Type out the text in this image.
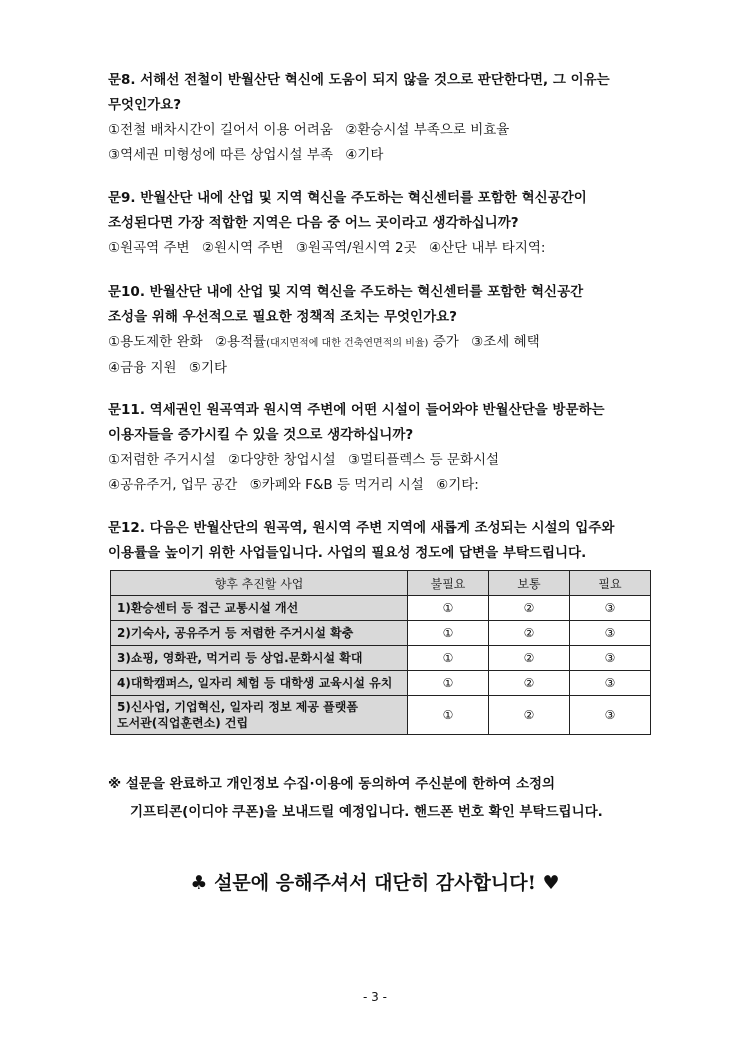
문8. 서해선 전철이 반월산단 혁신에 도움이 되지 않을 것으로 판단한다면, 그 이유는

무엇인가요?

①전철 배차시간이 길어서 이용 어려움 ②환승시설 부족으로 비효율

③역세권 미형성에 따른 상업시설 부족 ④기타

문9. 반월산단 내에 산업 및 지역 혁신을 주도하는 혁신센터를 포함한 혁신공간이

조성된다면 가장 적합한 지역은 다음 중 어느 곳이라고 생각하십니까?

①원곡역 주변 ②원시역 주변 ③원곡역/원시역 2곳 ④산단 내부 타지역:

문10. 반월산단 내에 산업 및 지역 혁신을 주도하는 혁신센터를 포함한 혁신공간

조성을 위해 우선적으로 필요한 정책적 조치는 무엇인가요?

①용도제한 완화 ②용적률(대지면적에 대한 건축연면적의 비율) 증가 ③조세 혜택

④금융 지원 ⑤기타

문11. 역세권인 원곡역과 원시역 주변에 어떤 시설이 들어와야 반월산단을 방문하는

이용자들을 증가시킬 수 있을 것으로 생각하십니까?

①저렴한 주거시설 ②다양한 창업시설 ③멀티플렉스 등 문화시설

④공유주거, 업무 공간 ⑤카페와 F&B 등 먹거리 시설 ⑥기타:

문12. 다음은 반월산단의 원곡역, 원시역 주변 지역에 새롭게 조성되는 시설의 입주와

이용률을 높이기 위한 사업들입니다. 사업의 필요성 정도에 답변을 부탁드립니다.

향후 추진할 사업	불필요	보통	필요
1)환승센터 등 접근 교통시설 개선	①	②	③
2)기숙사, 공유주거 등 저렴한 주거시설 확충	①	②	③
3)쇼핑, 영화관, 먹거리 등 상업.문화시설 확대	①	②	③
4)대학캠퍼스, 일자리 체험 등 대학생 교육시설 유치	①	②	③

5)신사업, 기업혁신, 일자리 정보 제공 플랫폼
도서관(직업훈련소) 건립	①	②	③

※ 설문을 완료하고 개인정보 수집·이용에 동의하여 주신분에 한하여 소정의

기프티콘(이디야 쿠폰)을 보내드릴 예정입니다. 핸드폰 번호 확인 부탁드립니다.

♣ 설문에 응해주셔서 대단히 감사합니다! ♥
- 3 -
